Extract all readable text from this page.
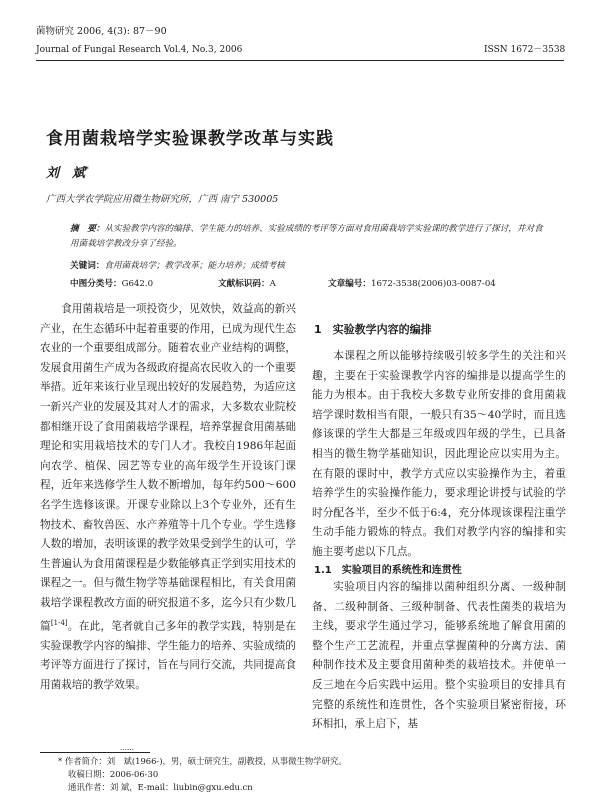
菌物研究 2006, 4(3): 87－90
Journal of Fungal Research Vol.4, No.3, 2006	ISSN 1672－3538
食用菌栽培学实验课教学改革与实践
刘　斌*
广西大学农学院应用微生物研究所，广西 南宁 530005
摘　要：从实验教学内容的编排、学生能力的培养、实验成绩的考评等方面对食用菌栽培学实验课的教学进行了探讨，并对食用菌栽培学教改分享了经验。
关键词：食用菌栽培学；教学改革；能力培养；成绩考核
中图分类号：G642.0	文献标识码：A	文章编号：1672-3538(2006)03-0087-04

食用菌栽培是一项投资少，见效快，效益高的新兴产业，在生态循环中起着重要的作用，已成为现代生态农业的一个重要组成部分。随着农业产业结构的调整，发展食用菌生产成为各级政府提高农民收入的一个重要举措。近年来该行业呈现出较好的发展趋势，为适应这一新兴产业的发展及其对人才的需求，大多数农业院校都相继开设了食用菌栽培学课程，培养掌握食用菌基础理论和实用栽培技术的专门人才。我校自1986年起面向农学、植保、园艺等专业的高年级学生开设该门课程，近年来选修学生人数不断增加，每年约500～600名学生选修该课。开课专业除以上3个专业外，还有生物技术、畜牧兽医、水产养殖等十几个专业。学生选修人数的增加，表明该课的教学效果受到学生的认可，学生普遍认为食用菌课程是少数能够真正学到实用技术的课程之一。但与微生物学等基础课程相比，有关食用菌栽培学课程教改方面的研究报道不多，迄今只有少数几篇[1-4]。在此，笔者就自己多年的教学实践，特别是在实验课教学内容的编排、学生能力的培养、实验成绩的考评等方面进行了探讨，旨在与同行交流，共同提高食用菌栽培的教学效果。

1　实验教学内容的编排

本课程之所以能够持续吸引较多学生的关注和兴趣，主要在于实验课教学内容的编排是以提高学生的能力为根本。由于我校大多数专业所安排的食用菌栽培学课时数相当有限，一般只有35～40学时，而且选修该课的学生大都是三年级或四年级的学生，已具备相当的微生物学基础知识，因此理论应以实用为主。在有限的课时中，教学方式应以实验操作为主，着重培养学生的实验操作能力，要求理论讲授与试验的学时分配各半，至少不低于6:4，充分体现该课程注重学生动手能力锻炼的特点。我们对教学内容的编排和实施主要考虑以下几点。

1.1　实验项目的系统性和连贯性

实验项目内容的编排以菌种组织分离、一级种制备、二级种制备、三级种制备、代表性菌类的栽培为主线，要求学生通过学习，能够系统地了解食用菌的整个生产工艺流程，并重点掌握菌种的分离方法、菌种制作技术及主要食用菌种类的栽培技术。并使单一反三地在今后实践中运用。整个实验项目的安排具有完整的系统性和连贯性，各个实验项目紧密衔接，环环相扣，承上启下，基

……
* 作者简介：刘　斌(1966-)，男，硕士研究生，副教授，从事微生物学研究。
收稿日期：2006-06-30
通讯作者：刘 斌，E-mail：liubin@gxu.edu.cn
